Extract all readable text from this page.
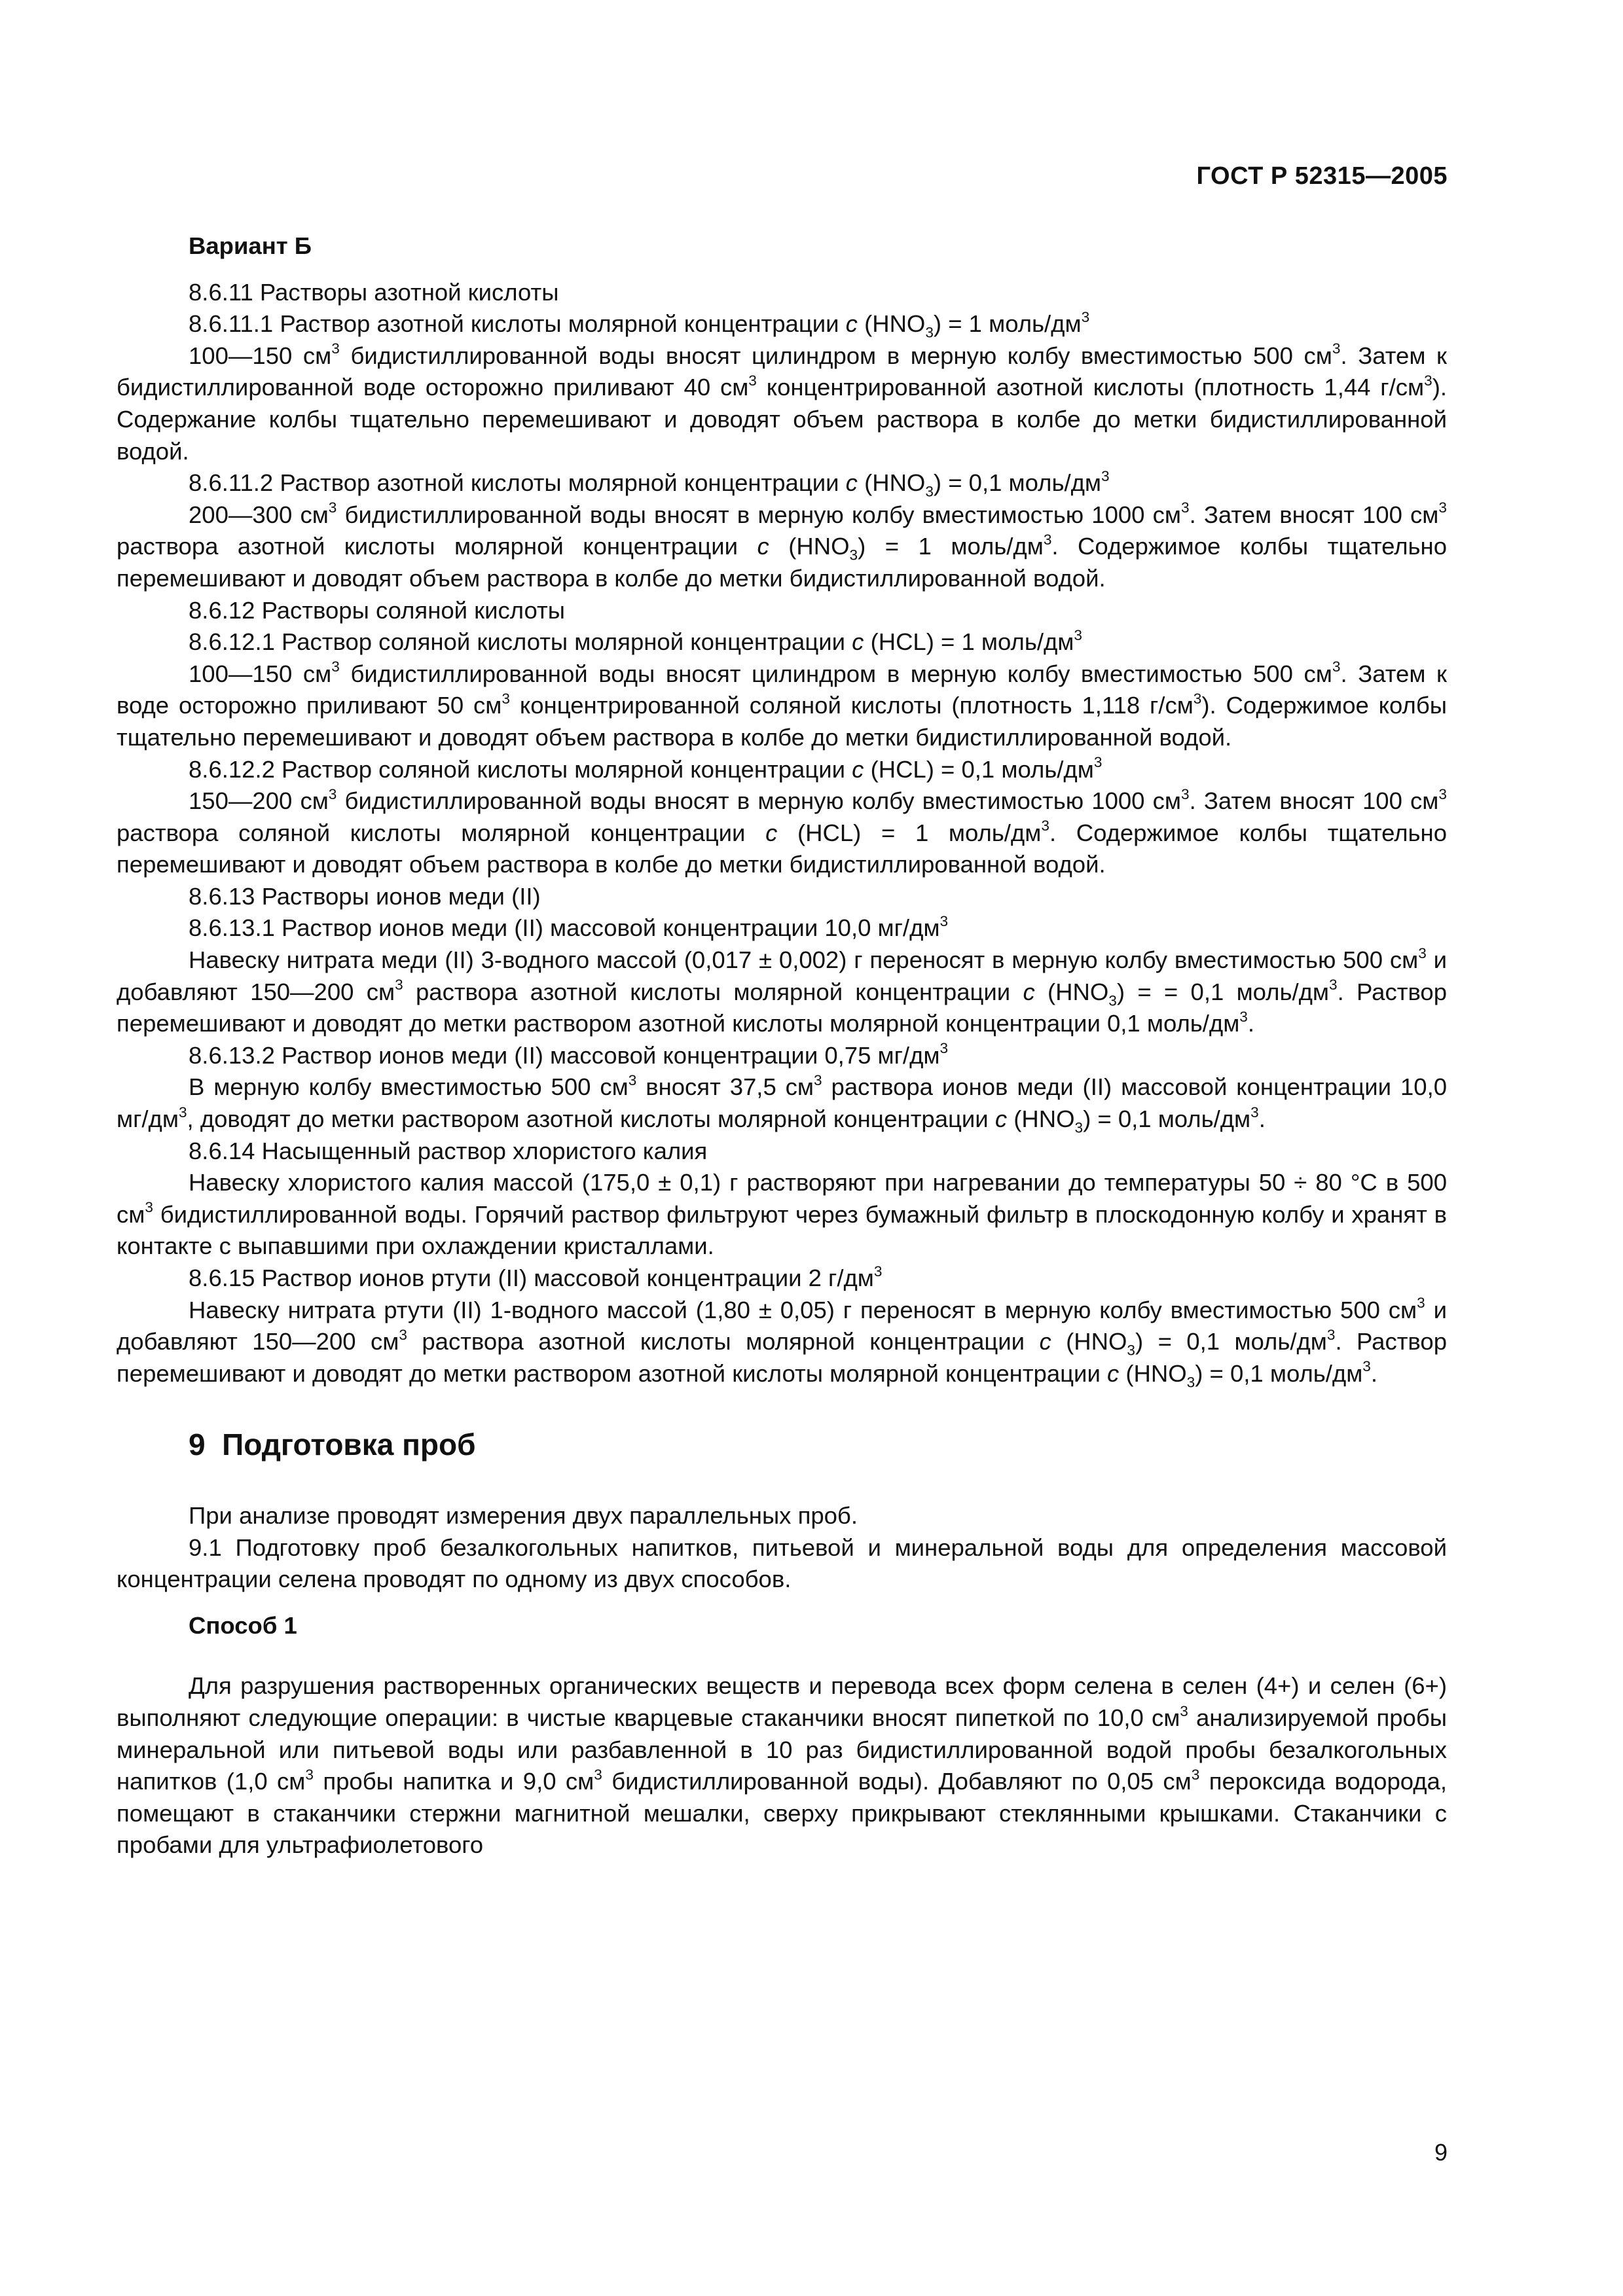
ГОСТ Р 52315—2005

Вариант Б

8.6.11 Растворы азотной кислоты

8.6.11.1 Раствор азотной кислоты молярной концентрации c $(HNO_3) = 1$ моль/$дм^3$

100—150 $см^3$ бидистиллированной воды вносят цилиндром в мерную колбу вместимостью 500 $см^3$. Затем к бидистиллированной воде осторожно приливают 40 $см^3$ концентрированной азотной кислоты (плотность 1,44 $г/см^3$). Содержание колбы тщательно перемешивают и доводят объем раствора в колбе до метки бидистиллированной водой.

8.6.11.2 Раствор азотной кислоты молярной концентрации c $(HNO_3) = 0,1$ моль/$дм^3$

200—300 $см^3$ бидистиллированной воды вносят в мерную колбу вместимостью 1000 $см^3$. Затем вносят 100 $см^3$ раствора азотной кислоты молярной концентрации c $(HNO_3) = 1$ моль/$дм^3$. Содержимое колбы тщательно перемешивают и доводят объем раствора в колбе до метки бидистиллированной водой.

8.6.12 Растворы соляной кислоты

8.6.12.1 Раствор соляной кислоты молярной концентрации c (HCL) = 1 моль/$дм^3$

100—150 $см^3$ бидистиллированной воды вносят цилиндром в мерную колбу вместимостью 500 $см^3$. Затем к воде осторожно приливают 50 $см^3$ концентрированной соляной кислоты (плотность 1,118 $г/см^3$). Содержимое колбы тщательно перемешивают и доводят объем раствора в колбе до метки бидистиллированной водой.

8.6.12.2 Раствор соляной кислоты молярной концентрации c (HCL) = 0,1 моль/$дм^3$

150—200 $см^3$ бидистиллированной воды вносят в мерную колбу вместимостью 1000 $см^3$. Затем вносят 100 $см^3$ раствора соляной кислоты молярной концентрации c (HCL) = 1 моль/$дм^3$. Содержимое колбы тщательно перемешивают и доводят объем раствора в колбе до метки бидистиллированной водой.

8.6.13 Растворы ионов меди (II)

8.6.13.1 Раствор ионов меди (II) массовой концентрации 10,0 $мг/дм^3$

Навеску нитрата меди (II) 3-водного массой (0,017 ± 0,002) г переносят в мерную колбу вместимостью 500 $см^3$ и добавляют 150—200 $см^3$ раствора азотной кислоты молярной концентрации c $(HNO_3)$ = = 0,1 моль/$дм^3$. Раствор перемешивают и доводят до метки раствором азотной кислоты молярной концентрации 0,1 моль/$дм^3$.

8.6.13.2 Раствор ионов меди (II) массовой концентрации 0,75 $мг/дм^3$

В мерную колбу вместимостью 500 $см^3$ вносят 37,5 $см^3$ раствора ионов меди (II) массовой концентрации 10,0 $мг/дм^3$, доводят до метки раствором азотной кислоты молярной концентрации c $(HNO_3) = 0,1$ моль/$дм^3$.

8.6.14 Насыщенный раствор хлористого калия

Навеску хлористого калия массой (175,0 ± 0,1) г растворяют при нагревании до температуры 50 ÷ 80 °С в 500 $см^3$ бидистиллированной воды. Горячий раствор фильтруют через бумажный фильтр в плоскодонную колбу и хранят в контакте с выпавшими при охлаждении кристаллами.

8.6.15 Раствор ионов ртути (II) массовой концентрации 2 $г/дм^3$

Навеску нитрата ртути (II) 1-водного массой (1,80 ± 0,05) г переносят в мерную колбу вместимостью 500 $см^3$ и добавляют 150—200 $см^3$ раствора азотной кислоты молярной концентрации c $(HNO_3) = 0,1$ моль/$дм^3$. Раствор перемешивают и доводят до метки раствором азотной кислоты молярной концентрации c $(HNO_3) = 0,1$ моль/$дм^3$.

9 Подготовка проб

При анализе проводят измерения двух параллельных проб.

9.1 Подготовку проб безалкогольных напитков, питьевой и минеральной воды для определения массовой концентрации селена проводят по одному из двух способов.

Способ 1

Для разрушения растворенных органических веществ и перевода всех форм селена в селен (4+) и селен (6+) выполняют следующие операции: в чистые кварцевые стаканчики вносят пипеткой по 10,0 $см^3$ анализируемой пробы минеральной или питьевой воды или разбавленной в 10 раз бидистиллированной водой пробы безалкогольных напитков (1,0 $см^3$ пробы напитка и 9,0 $см^3$ бидистиллированной воды). Добавляют по 0,05 $см^3$ пероксида водорода, помещают в стаканчики стержни магнитной мешалки, сверху прикрывают стеклянными крышками. Стаканчики с пробами для ультрафиолетового

9
